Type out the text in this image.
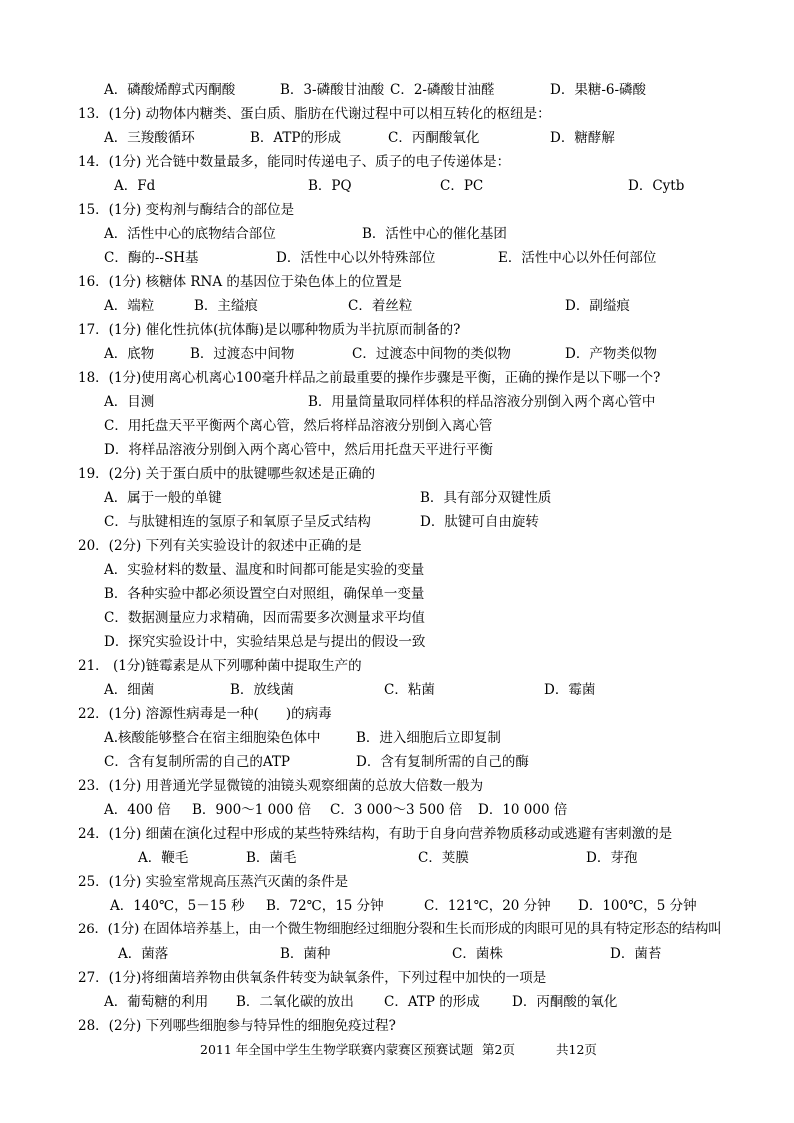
A．磷酸烯醇式丙酮酸	B．3-磷酸甘油酸 C．2-磷酸甘油醛	D．果糖-6-磷酸
13．(1分) 动物体内糖类、蛋白质、脂肪在代谢过程中可以相互转化的枢纽是：
A．三羧酸循环	B．ATP的形成	C．丙酮酸氧化	D．糖酵解
14．(1分) 光合链中数量最多，能同时传递电子、质子的电子传递体是：
A．Fd	B．PQ	C．PC	D．Cytb
15．(1分) 变构剂与酶结合的部位是
A．活性中心的底物结合部位	B．活性中心的催化基团
C．酶的--SH基	D．活性中心以外特殊部位	E．活性中心以外任何部位
16．(1分) 核糖体 RNA 的基因位于染色体上的位置是
A．端粒	B．主缢痕	C．着丝粒	D．副缢痕
17．(1分) 催化性抗体(抗体酶)是以哪种物质为半抗原而制备的?
A．底物	B．过渡态中间物	C．过渡态中间物的类似物	D．产物类似物
18．(1分)使用离心机离心100毫升样品之前最重要的操作步骤是平衡，正确的操作是以下哪一个?
A．目测	B．用量筒量取同样体积的样品溶液分别倒入两个离心管中
C．用托盘天平平衡两个离心管，然后将样品溶液分别倒入离心管
D．将样品溶液分别倒入两个离心管中，然后用托盘天平进行平衡
19．(2分) 关于蛋白质中的肽键哪些叙述是正确的
A．属于一般的单键	B．具有部分双键性质
C．与肽键相连的氢原子和氧原子呈反式结构	D．肽键可自由旋转
20．(2分) 下列有关实验设计的叙述中正确的是
A．实验材料的数量、温度和时间都可能是实验的变量
B．各种实验中都必须设置空白对照组，确保单一变量
C．数据测量应力求精确，因而需要多次测量求平均值
D．探究实验设计中，实验结果总是与提出的假设一致
21． (1分)链霉素是从下列哪种菌中提取生产的
A．细菌	B．放线菌	C．粘菌	D．霉菌
22．(1分) 溶源性病毒是一种(　　)的病毒
A.核酸能够整合在宿主细胞染色体中	B．进入细胞后立即复制
C．含有复制所需的自己的ATP	D．含有复制所需的自己的酶
23．(1分) 用普通光学显微镜的油镜头观察细菌的总放大倍数一般为
A．400 倍 B．900～1 000 倍 C．3 000～3 500 倍 D．10 000 倍
24．(1分) 细菌在演化过程中形成的某些特殊结构，有助于自身向营养物质移动或逃避有害刺激的是
A．鞭毛	B．菌毛	C．荚膜	D．芽孢
25．(1分) 实验室常规高压蒸汽灭菌的条件是
A．140℃，5－15 秒 B．72℃，15 分钟	C．121℃，20 分钟 D．100℃，5 分钟
26．(1分) 在固体培养基上，由一个微生物细胞经过细胞分裂和生长而形成的肉眼可见的具有特定形态的结构叫
A．菌落	B．菌种	C．菌株	D．菌苔
27．(1分)将细菌培养物由供氧条件转变为缺氧条件，下列过程中加快的一项是
A．葡萄糖的利用 B．二氧化碳的放出 C．ATP 的形成 D．丙酮酸的氧化
28．(2分) 下列哪些细胞参与特异性的细胞免疫过程?
2011 年全国中学生生物学联赛内蒙赛区预赛试题 第2页	共12页
